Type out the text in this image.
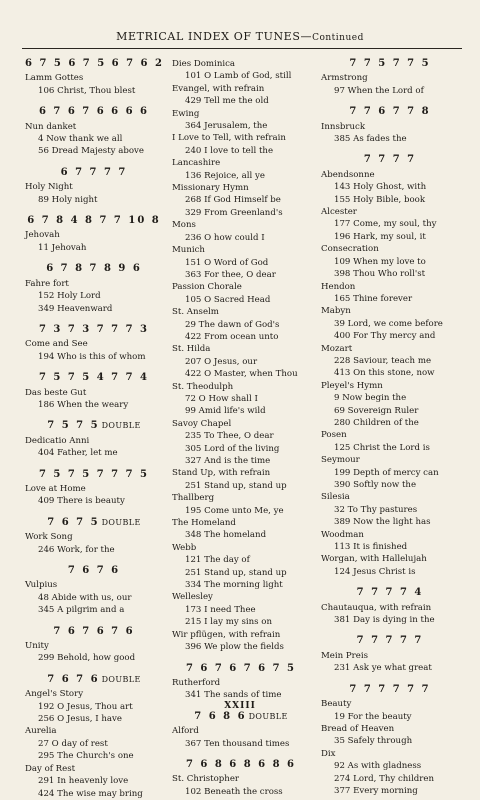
METRICAL INDEX OF TUNES—Continued
6 7 5 6 7 5 6 7 6 2
Lamm Gottes
106 Christ, Thou blest
6 7 6 7 6 6 6 6
Nun danket
4 Now thank we all
56 Dread Majesty above
6 7 7 7 7
Holy Night
89 Holy night
6 7 8 4 8 7 7 10 8
Jehovah
11 Jehovah
6 7 8 7 8 9 6
Fahre fort
152 Holy Lord
349 Heavenward
7 3 7 3 7 7 7 3
Come and See
194 Who is this of whom
7 5 7 5 4 7 7 4
Das beste Gut
186 When the weary
7 5 7 5 DOUBLE
Dedicatio Anni
404 Father, let me
7 5 7 5 7 7 7 5
Love at Home
409 There is beauty
7 6 7 5 DOUBLE
Work Song
246 Work, for the
7 6 7 6
Vulpius
48 Abide with us, our
345 A pilgrim and a
7 6 7 6 7 6
Unity
299 Behold, how good
7 6 7 6 DOUBLE
Angel's Story
192 O Jesus, Thou art
256 O Jesus, I have
Aurelia
27 O day of rest
295 The Church's one
Day of Rest
291 In heavenly love
424 The wise may bring
Dies Dominica
101 O Lamb of God, still
Evangel, with refrain
429 Tell me the old
Ewing
364 Jerusalem, the
I Love to Tell, with refrain
240 I love to tell the
Lancashire
136 Rejoice, all ye
Missionary Hymn
268 If God Himself be
329 From Greenland's
Mons
236 O how could I
Munich
151 O Word of God
363 For thee, O dear
Passion Chorale
105 O Sacred Head
St. Anselm
29 The dawn of God's
422 From ocean unto
St. Hilda
207 O Jesus, our
422 O Master, when Thou
St. Theodulph
72 O How shall I
99 Amid life's wild
Savoy Chapel
235 To Thee, O dear
305 Lord of the living
327 And is the time
Stand Up, with refrain
251 Stand up, stand up
Thallberg
195 Come unto Me, ye
The Homeland
348 The homeland
Webb
121 The day of
251 Stand up, stand up
334 The morning light
Wellesley
173 I need Thee
215 I lay my sins on
Wir pflügen, with refrain
396 We plow the fields
7 6 7 6 7 6 7 5
Rutherford
341 The sands of time
7 6 8 6 DOUBLE
Alford
367 Ten thousand times
7 6 8 6 8 6 8 6
St. Christopher
102 Beneath the cross
7 7 5 7 7 5
Armstrong
97 When the Lord of
7 7 6 7 7 8
Innsbruck
385 As fades the
7 7 7 7
Abendsonne
143 Holy Ghost, with
155 Holy Bible, book
Alcester
177 Come, my soul, thy
196 Hark, my soul, it
Consecration
109 When my love to
398 Thou Who roll'st
Hendon
165 Thine forever
Mabyn
39 Lord, we come before
400 For Thy mercy and
Mozart
228 Saviour, teach me
413 On this stone, now
Pleyel's Hymn
9 Now begin the
69 Sovereign Ruler
280 Children of the
Posen
125 Christ the Lord is
Seymour
199 Depth of mercy can
390 Softly now the
Silesia
32 To Thy pastures
389 Now the light has
Woodman
113 It is finished
Worgan, with Hallelujah
124 Jesus Christ is
7 7 7 7 4
Chautauqua, with refrain
381 Day is dying in the
7 7 7 7 7
Mein Preis
231 Ask ye what great
7 7 7 7 7 7
Beauty
19 For the beauty
Bread of Heaven
35 Safely through
Dix
92 As with gladness
274 Lord, Thy children
377 Every morning
XXIII
